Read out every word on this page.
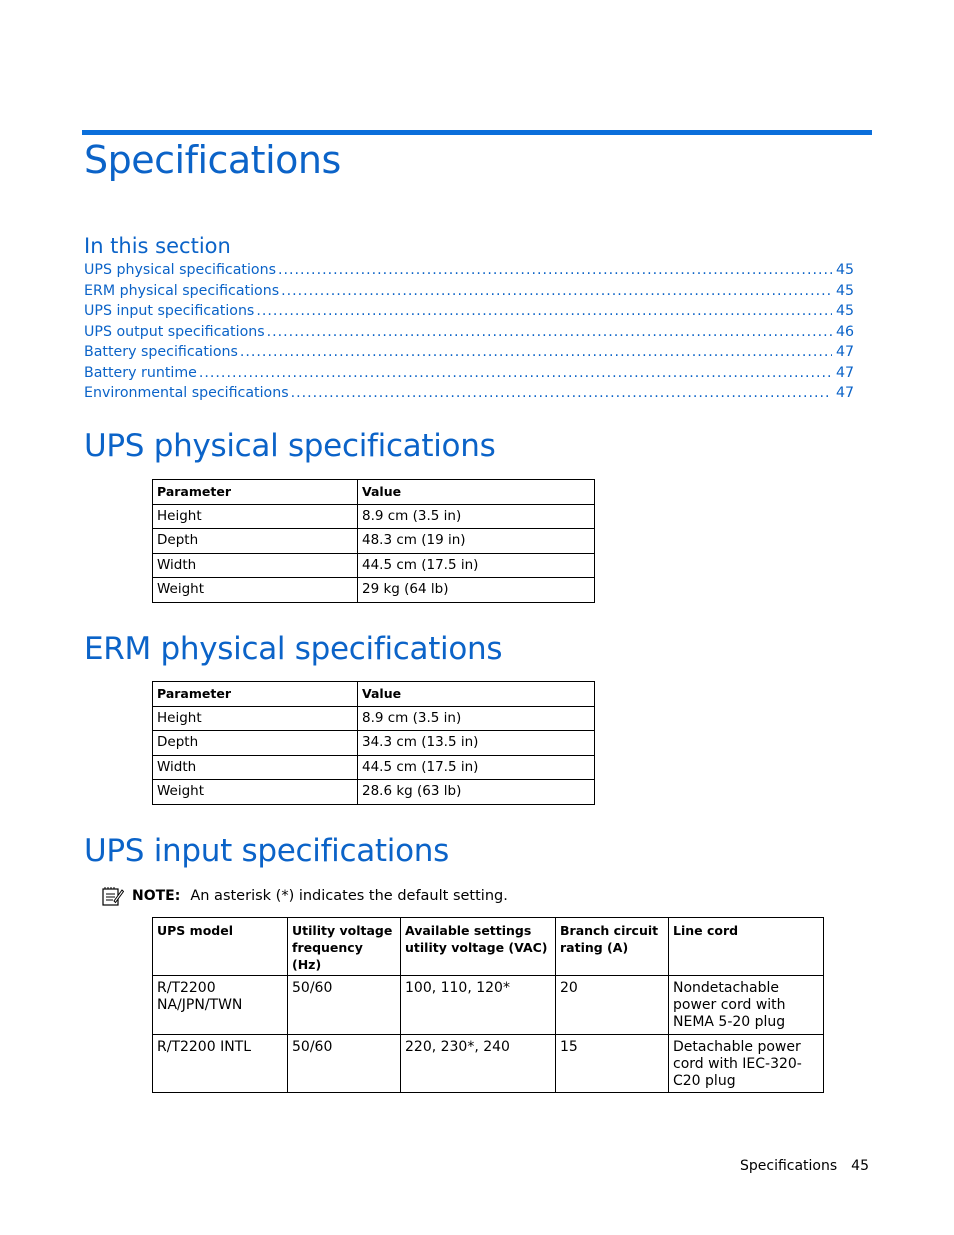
Specifications
In this section
UPS physical specifications .....	45
ERM physical specifications .....	45
UPS input specifications .....	45
UPS output specifications .....	46
Battery specifications .....	47
Battery runtime .....	47
Environmental specifications .....	47
UPS physical specifications
Parameter	Value
Height	8.9 cm (3.5 in)
Depth	48.3 cm (19 in)
Width	44.5 cm (17.5 in)
Weight	29 kg (64 lb)
ERM physical specifications
Parameter	Value
Height	8.9 cm (3.5 in)
Depth	34.3 cm (13.5 in)
Width	44.5 cm (17.5 in)
Weight	28.6 kg (63 lb)
UPS input specifications
NOTE: An asterisk (*) indicates the default setting.
UPS model	Utility voltage frequency (Hz)	Available settings utility voltage (VAC)	Branch circuit rating (A)	Line cord
R/T2200 NA/JPN/TWN	50/60	100, 110, 120*	20	Nondetachable power cord with NEMA 5-20 plug
R/T2200 INTL	50/60	220, 230*, 240	15	Detachable power cord with IEC-320-C20 plug
Specifications 45
